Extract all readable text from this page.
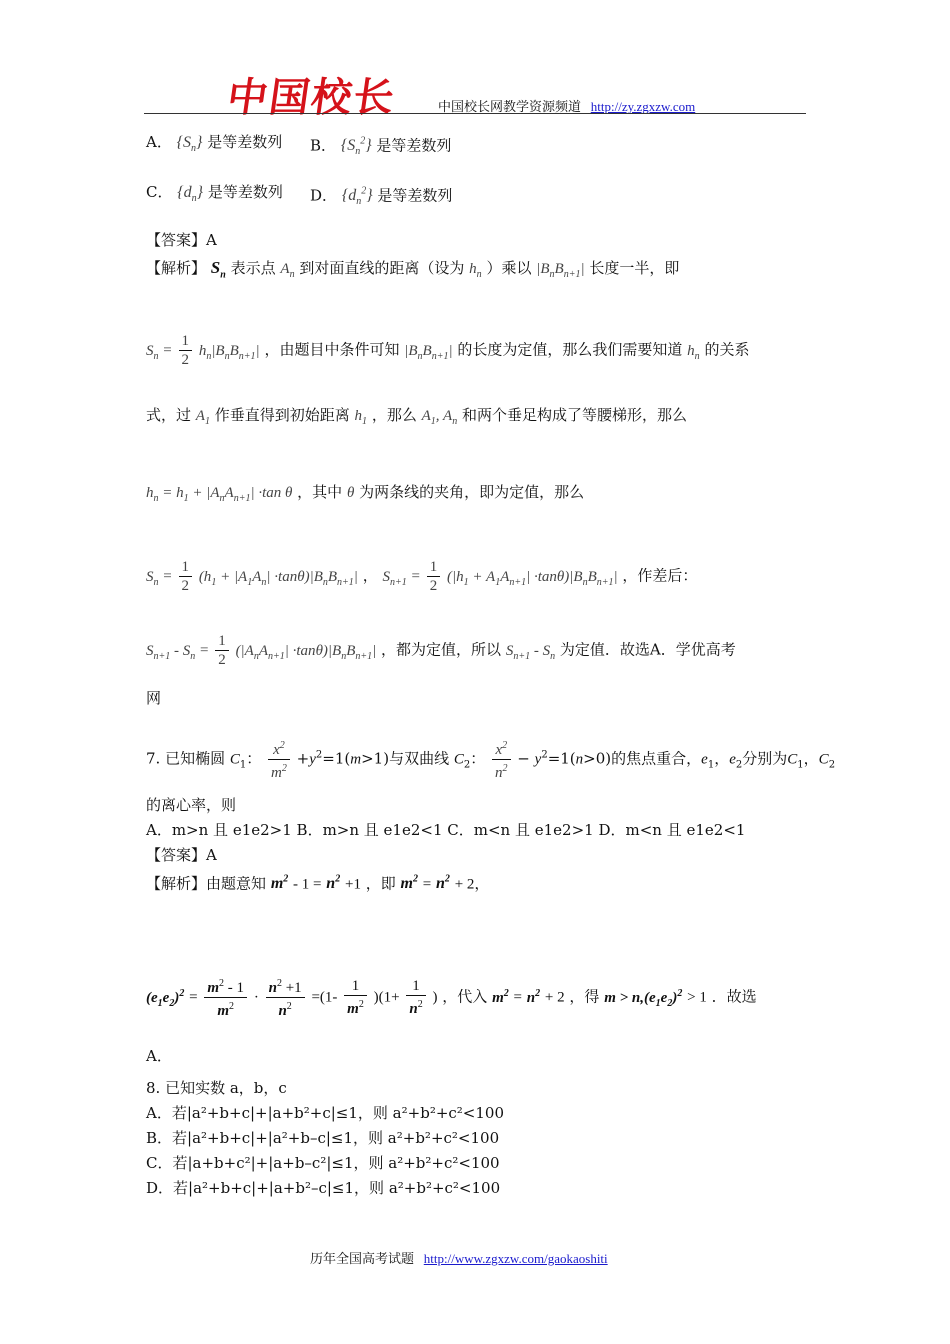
中国校长	中国校长网教学资源频道 http://zy.zgxzw.com
A． $\{S_n\}$ 是等差数列 B． $\{S_n^2\}$ 是等差数列
C． $\{d_n\}$ 是等差数列 D． $\{d_n^2\}$ 是等差数列
【答案】A
【解析】 $S_n$ 表示点 $A_n$ 到对面直线的距离（设为 $h_n$ ）乘以 $|B_nB_{n+1}|$ 长度一半，即
$S_n = \frac{1}{2} h_n|B_nB_{n+1}|$ ，由题目中条件可知 $|B_nB_{n+1}|$ 的长度为定值，那么我们需要知道 $h_n$ 的关系
式，过 $A_1$ 作垂直得到初始距离 $h_1$ ，那么 $A_1$, $A_n$ 和两个垂足构成了等腰梯形，那么
$h_n = h_1 + |A_nA_{n+1}| \cdot\tan$ θ ，其中 θ 为两条线的夹角，即为定值，那么
$S_n = \frac{1}{2} (h_1 + |A_1A_n| \cdot\tan\theta)|B_nB_{n+1}|$ ， $S_{n+1} = \frac{1}{2} (|h_1 + A_1A_{n+1}| \cdot\tan\theta)|B_nB_{n+1}|$ ，作差后：
$S_{n+1} - S_n = \frac{1}{2} (|A_nA_{n+1}| \cdot\tan\theta)|B_nB_{n+1}|$ ，都为定值，所以 $S_{n+1} - S_n$ 为定值．故选A．学优高考
网
7. 已知椭圆 $C_1$： $\frac{x^2}{m^2} +y^2=1(m>1)$与双曲线 $C_2$： $\frac{x^2}{n^2} - y^2=1(n>0)$的焦点重合，$e_1$，$e_2$分别为$C_1$，$C_2$
的离心率，则
A．m>n 且 e1e2>1 B．m>n 且 e1e2<1 C．m<n 且 e1e2>1 D．m<n 且 e1e2<1
【答案】A
【解析】由题意知 $m^2 - 1 = n^2 +1$ ，即 $m^2 = n^2 + 2$，
$(e_1e_2)^2 = \frac{m^2 - 1}{m^2} \cdot \frac{n^2 +1}{n^2} =(1- \frac{1}{m^2} )(1+ \frac{1}{n^2}$ ) ，代入 $m^2 = n^2 + 2$ ，得 $m > n,(e_1e_2)^2 > 1$ ．故选
A．
8. 已知实数 a，b，c
A．若|a²+b+c|+|a+b²+c|≤1，则 a²+b²+c²<100
B．若|a²+b+c|+|a²+b–c|≤1，则 a²+b²+c²<100
C．若|a+b+c²|+|a+b–c²|≤1，则 a²+b²+c²<100
D．若|a²+b+c|+|a+b²–c|≤1，则 a²+b²+c²<100
历年全国高考试题 http://www.zgxzw.com/gaokaoshiti
